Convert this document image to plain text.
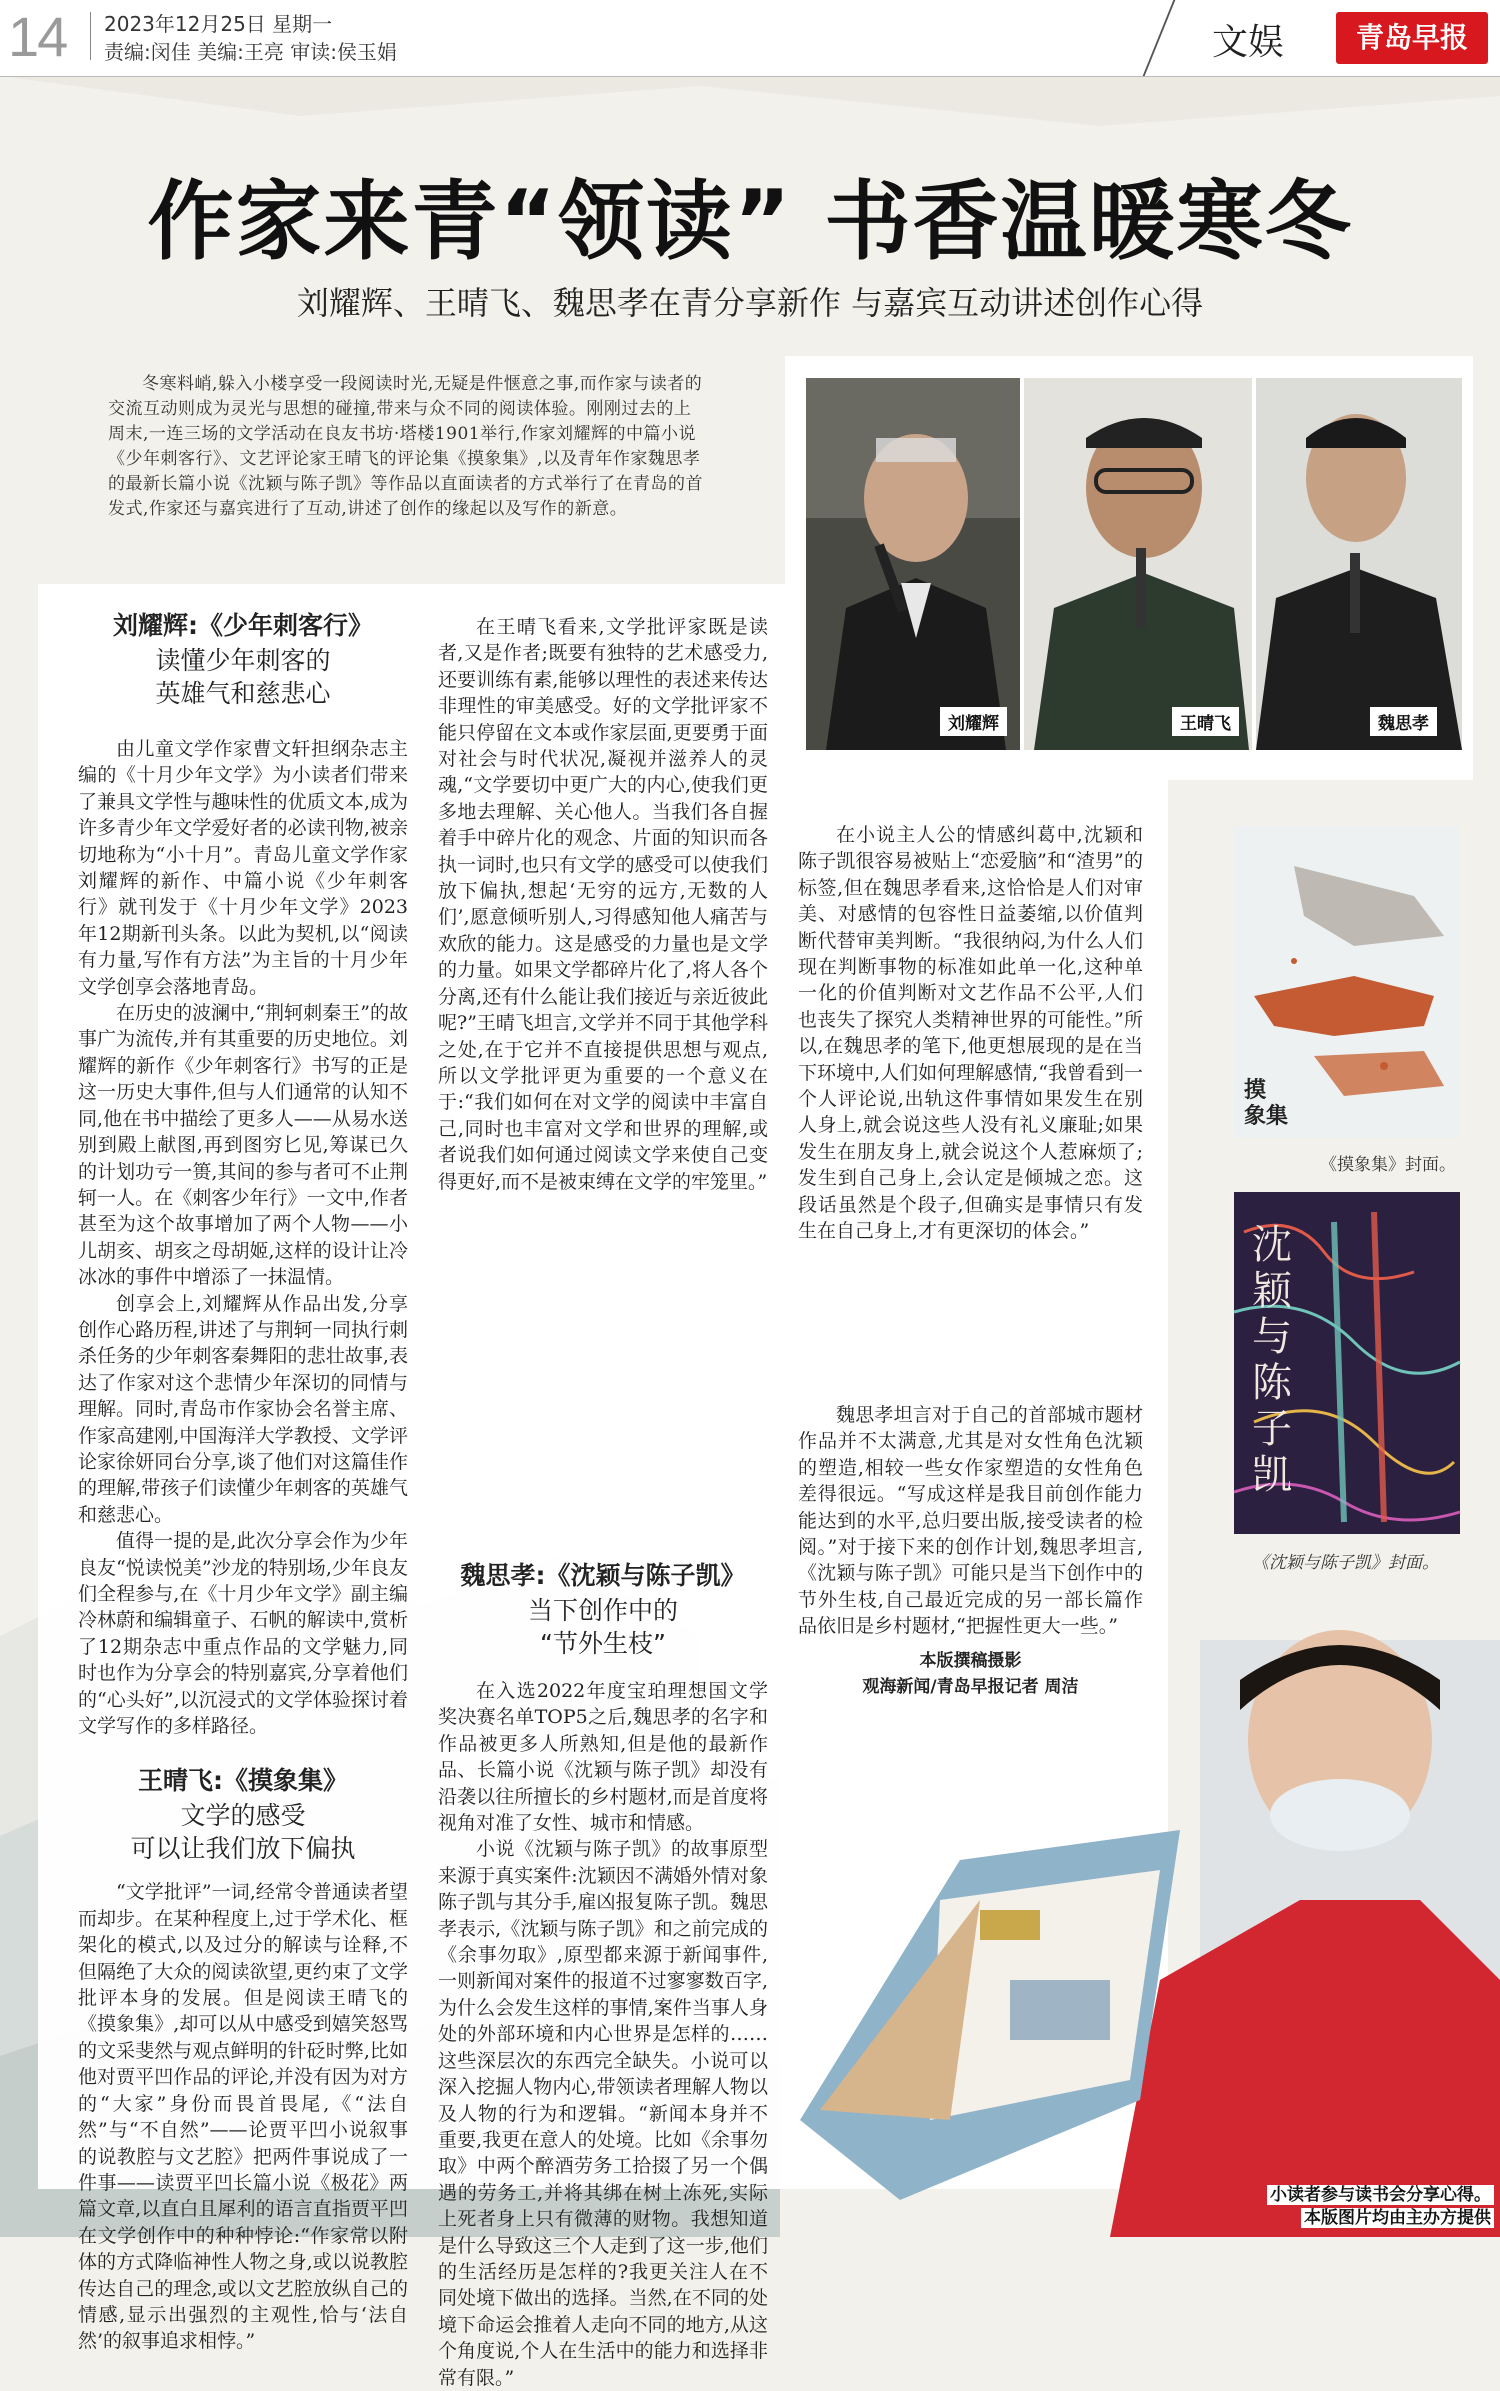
14 2023年12月25日 星期一
责编:闵佳 美编:王亮 审读:侯玉娟	文娱	青岛早报
作家来青“领读” 书香温暖寒冬
刘耀辉、王晴飞、魏思孝在青分享新作 与嘉宾互动讲述创作心得
冬寒料峭,躲入小楼享受一段阅读时光,无疑是件惬意之事,而作家与读者的交流互动则成为灵光与思想的碰撞,带来与众不同的阅读体验。刚刚过去的上周末,一连三场的文学活动在良友书坊·塔楼1901举行,作家刘耀辉的中篇小说《少年刺客行》、文艺评论家王晴飞的评论集《摸象集》,以及青年作家魏思孝的最新长篇小说《沈颖与陈子凯》等作品以直面读者的方式举行了在青岛的首发式,作家还与嘉宾进行了互动,讲述了创作的缘起以及写作的新意。
刘耀辉:《少年刺客行》
读懂少年刺客的
英雄气和慈悲心

由儿童文学作家曹文轩担纲杂志主编的《十月少年文学》为小读者们带来了兼具文学性与趣味性的优质文本,成为许多青少年文学爱好者的必读刊物,被亲切地称为“小十月”。青岛儿童文学作家刘耀辉的新作、中篇小说《少年刺客行》就刊发于《十月少年文学》2023年12期新刊头条。以此为契机,以“阅读有力量,写作有方法”为主旨的十月少年文学创享会落地青岛。

在历史的波澜中,“荆轲刺秦王”的故事广为流传,并有其重要的历史地位。刘耀辉的新作《少年刺客行》书写的正是这一历史大事件,但与人们通常的认知不同,他在书中描绘了更多人——从易水送别到殿上献图,再到图穷匕见,筹谋已久的计划功亏一篑,其间的参与者可不止荆轲一人。在《刺客少年行》一文中,作者甚至为这个故事增加了两个人物——小儿胡亥、胡亥之母胡姬,这样的设计让冷冰冰的事件中增添了一抹温情。

创享会上,刘耀辉从作品出发,分享创作心路历程,讲述了与荆轲一同执行刺杀任务的少年刺客秦舞阳的悲壮故事,表达了作家对这个悲情少年深切的同情与理解。同时,青岛市作家协会名誉主席、作家高建刚,中国海洋大学教授、文学评论家徐妍同台分享,谈了他们对这篇佳作的理解,带孩子们读懂少年刺客的英雄气和慈悲心。

值得一提的是,此次分享会作为少年良友“悦读悦美”沙龙的特别场,少年良友们全程参与,在《十月少年文学》副主编冷林蔚和编辑童子、石帆的解读中,赏析了12期杂志中重点作品的文学魅力,同时也作为分享会的特别嘉宾,分享着他们的“心头好”,以沉浸式的文学体验探讨着文学写作的多样路径。

王晴飞:《摸象集》
文学的感受
可以让我们放下偏执

“文学批评”一词,经常令普通读者望而却步。在某种程度上,过于学术化、框架化的模式,以及过分的解读与诠释,不但隔绝了大众的阅读欲望,更约束了文学批评本身的发展。但是阅读王晴飞的《摸象集》,却可以从中感受到嬉笑怒骂的文采斐然与观点鲜明的针砭时弊,比如他对贾平凹作品的评论,并没有因为对方的“大家”身份而畏首畏尾,《“法自然”与“不自然”——论贾平凹小说叙事的说教腔与文艺腔》把两件事说成了一件事——读贾平凹长篇小说《极花》两篇文章,以直白且犀利的语言直指贾平凹在文学创作中的种种悖论:“作家常以附体的方式降临神性人物之身,或以说教腔传达自己的理念,或以文艺腔放纵自己的情感,显示出强烈的主观性,恰与‘法自然’的叙事追求相悖。”

在王晴飞看来,文学批评家既是读者,又是作者;既要有独特的艺术感受力,还要训练有素,能够以理性的表述来传达非理性的审美感受。好的文学批评家不能只停留在文本或作家层面,更要勇于面对社会与时代状况,凝视并滋养人的灵魂,“文学要切中更广大的内心,使我们更多地去理解、关心他人。当我们各自握着手中碎片化的观念、片面的知识而各执一词时,也只有文学的感受可以使我们放下偏执,想起‘无穷的远方,无数的人们’,愿意倾听别人,习得感知他人痛苦与欢欣的能力。这是感受的力量也是文学的力量。如果文学都碎片化了,将人各个分离,还有什么能让我们接近与亲近彼此呢?”王晴飞坦言,文学并不同于其他学科之处,在于它并不直接提供思想与观点,所以文学批评更为重要的一个意义在于:“我们如何在对文学的阅读中丰富自己,同时也丰富对文学和世界的理解,或者说我们如何通过阅读文学来使自己变得更好,而不是被束缚在文学的牢笼里。”

魏思孝:《沈颖与陈子凯》
当下创作中的
“节外生枝”

在入选2022年度宝珀理想国文学奖决赛名单TOP5之后,魏思孝的名字和作品被更多人所熟知,但是他的最新作品、长篇小说《沈颖与陈子凯》却没有沿袭以往所擅长的乡村题材,而是首度将视角对准了女性、城市和情感。

小说《沈颖与陈子凯》的故事原型来源于真实案件:沈颖因不满婚外情对象陈子凯与其分手,雇凶报复陈子凯。魏思孝表示,《沈颖与陈子凯》和之前完成的《余事勿取》,原型都来源于新闻事件,一则新闻对案件的报道不过寥寥数百字,为什么会发生这样的事情,案件当事人身处的外部环境和内心世界是怎样的……这些深层次的东西完全缺失。小说可以深入挖掘人物内心,带领读者理解人物以及人物的行为和逻辑。“新闻本身并不重要,我更在意人的处境。比如《余事勿取》中两个醉酒劳务工拾掇了另一个偶遇的劳务工,并将其绑在树上冻死,实际上死者身上只有微薄的财物。我想知道是什么导致这三个人走到了这一步,他们的生活经历是怎样的?我更关注人在不同处境下做出的选择。当然,在不同的处境下命运会推着人走向不同的地方,从这个角度说,个人在生活中的能力和选择非常有限。”

在小说主人公的情感纠葛中,沈颖和陈子凯很容易被贴上“恋爱脑”和“渣男”的标签,但在魏思孝看来,这恰恰是人们对审美、对感情的包容性日益萎缩,以价值判断代替审美判断。“我很纳闷,为什么人们现在判断事物的标准如此单一化,这种单一化的价值判断对文艺作品不公平,人们也丧失了探究人类精神世界的可能性。”所以,在魏思孝的笔下,他更想展现的是在当下环境中,人们如何理解感情,“我曾看到一个人评论说,出轨这件事情如果发生在别人身上,就会说这些人没有礼义廉耻;如果发生在朋友身上,就会说这个人惹麻烦了;发生到自己身上,会认定是倾城之恋。这段话虽然是个段子,但确实是事情只有发生在自己身上,才有更深切的体会。”

魏思孝坦言对于自己的首部城市题材作品并不太满意,尤其是对女性角色沈颖的塑造,相较一些女作家塑造的女性角色差得很远。“写成这样是我目前创作能力能达到的水平,总归要出版,接受读者的检阅。”对于接下来的创作计划,魏思孝坦言,《沈颖与陈子凯》可能只是当下创作中的节外生枝,自己最近完成的另一部长篇作品依旧是乡村题材,“把握性更大一些。”

本版撰稿摄影
观海新闻/青岛早报记者 周洁
刘耀辉	王晴飞	魏思孝
摸
象集
《摸象集》封面。
沈颖与陈子凯
《沈颖与陈子凯》封面。
小读者参与读书会分享心得。
本版图片均由主办方提供
